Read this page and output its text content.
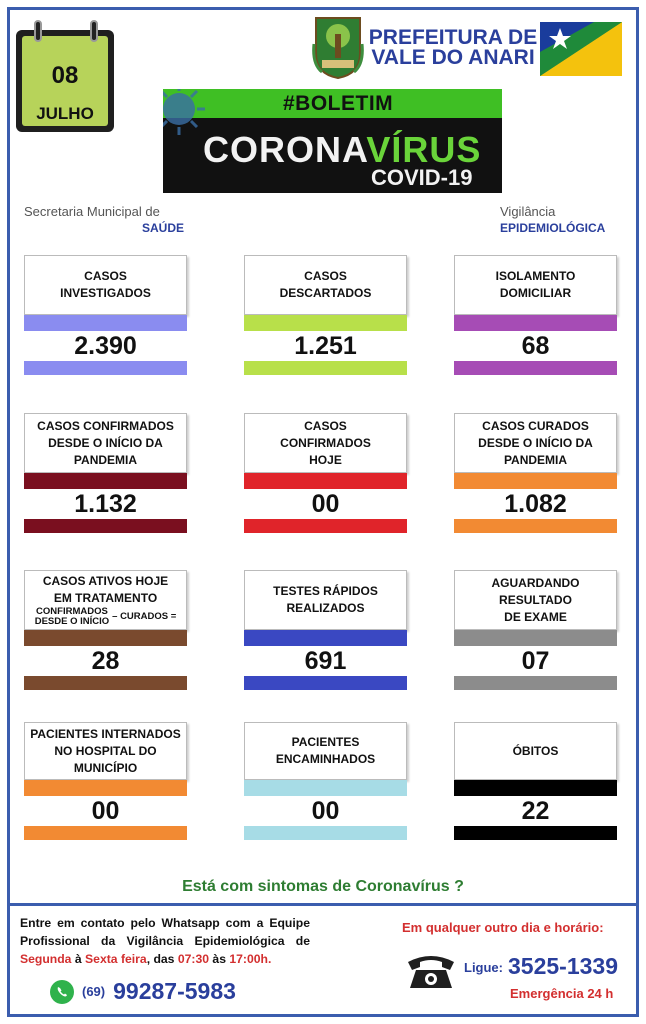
08
JULHO
PREFEITURA DE
VALE DO ANARI
#BOLETIM
CORONAVÍRUS
COVID-19
Secretaria Municipal de
SAÚDE
Vigilância
EPIDEMIOLÓGICA
CASOS
INVESTIGADOS
2.390
CASOS
DESCARTADOS
1.251
ISOLAMENTO
DOMICILIAR
68
CASOS CONFIRMADOS
DESDE O INÍCIO DA
PANDEMIA
1.132
CASOS
CONFIRMADOS
HOJE
00
CASOS CURADOS
DESDE O INÍCIO DA
PANDEMIA
1.082
CASOS ATIVOS HOJE
EM TRATAMENTO
CONFIRMADOS
DESDE O INÍCIO – CURADOS =
28
TESTES RÁPIDOS
REALIZADOS
691
AGUARDANDO
RESULTADO
DE EXAME
07
PACIENTES INTERNADOS
NO HOSPITAL DO
MUNICÍPIO
00
PACIENTES
ENCAMINHADOS
00
ÓBITOS
22
Está com sintomas de Coronavírus ?
Entre em contato pelo Whatsapp com a Equipe Profissional da Vigilância Epidemiológica de Segunda à Sexta feira, das 07:30 às 17:00h.
(69) 99287-5983
Em qualquer outro dia e horário:
Ligue: 3525-1339
Emergência 24 h
